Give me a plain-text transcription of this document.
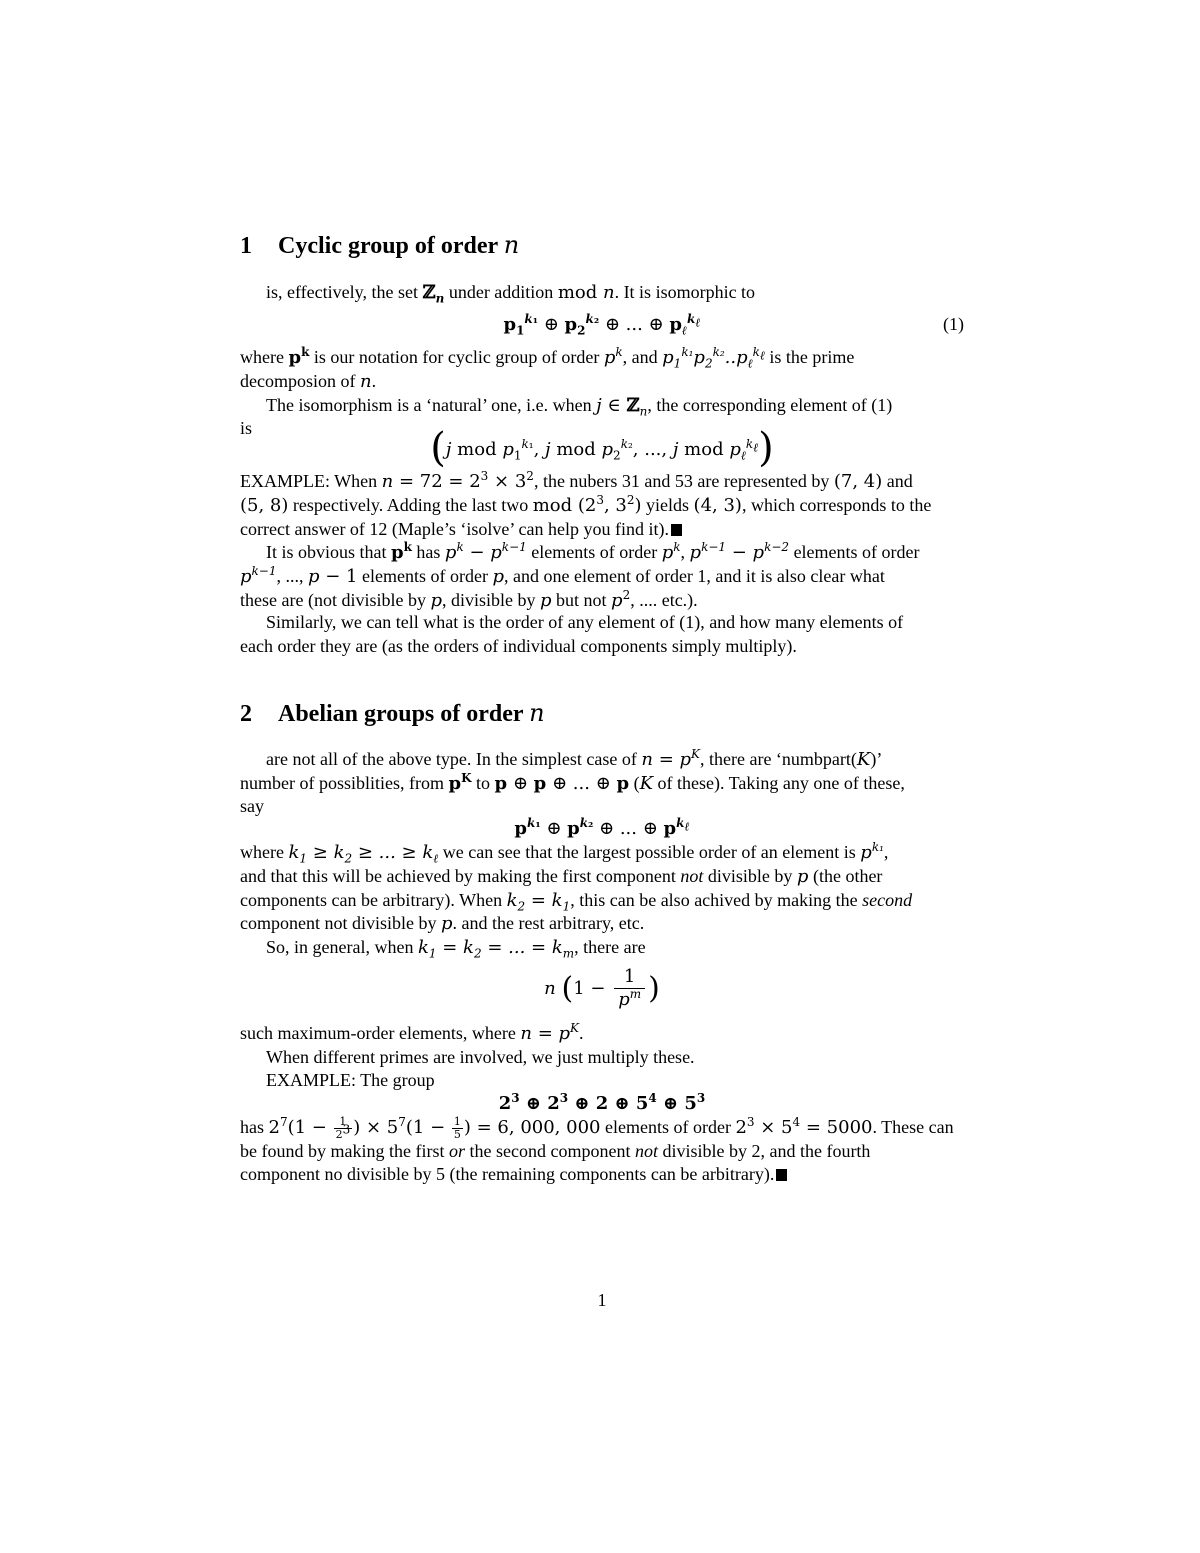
1 Cyclic group of order n
is, effectively, the set ℤ$_n$ under addition mod n. It is isomorphic to
$p_1^{k_1}$ ⊕ $p_2^{k_2}$ ⊕ ... ⊕ $p_\ell^{k_\ell}$	(1)
where $p^k$ is our notation for cyclic group of order $p^k$, and $p_1^{k_1}p_2^{k_2}..p_\ell^{k_\ell}$ is the prime
decomposion of n.
The isomorphism is a ‘natural’ one, i.e. when j ∈ ℤ$_n$, the corresponding element of (1)
is	(j mod $p_1^{k_1}$, j mod $p_2^{k_2}$, ..., j mod $p_\ell^{k_\ell}$)
EXAMPLE: When $n = 72 = 2^3 \times 3^2$, the nubers 31 and 53 are represented by (7, 4) and
(5, 8) respectively. Adding the last two mod ($2^3$, $3^2$) yields (4, 3), which corresponds to the
correct answer of 12 (Maple’s ‘isolve’ can help you find it).
It is obvious that $p^k$ has $p^k - p^{k-1}$ elements of order $p^k$, $p^{k-1} - p^{k-2}$ elements of order
$p^{k-1}$, ..., p − 1 elements of order p, and one element of order 1, and it is also clear what
these are (not divisible by p, divisible by p but not $p^2$, .... etc.).
Similarly, we can tell what is the order of any element of (1), and how many elements of
each order they are (as the orders of individual components simply multiply).
2 Abelian groups of order n
are not all of the above type. In the simplest case of $n = p^K$, there are ‘numbpart(K)’
number of possiblities, from $p^K$ to p ⊕ p ⊕ ... ⊕ p (K of these). Taking any one of these,
say
$p^{k_1}$ ⊕ $p^{k_2}$ ⊕ ... ⊕ $p^{k_\ell}$
where $k_1 \ge k_2$ ≥ ... ≥ $k_\ell$ we can see that the largest possible order of an element is $p^{k_1}$,
and that this will be achieved by making the first component not divisible by p (the other
components can be arbitrary). When $k_2 = k_1$, this can be also achived by making the second
component not divisible by p. and the rest arbitrary, etc.
So, in general, when $k_1 = k_2$ = ... = $k_m$, there are
n ($1 - \frac{1}{p^m}$ )
such maximum-order elements, where $n = p^K$.
When different primes are involved, we just multiply these.
EXAMPLE: The group
$2^3$ ⊕ $2^3$ ⊕ 2 ⊕ $5^4$ ⊕ $5^3$
has $2^7(1 - \frac{1}{2^3}$ ) × $5^7(1 - \frac{1}{5}$ ) = 6, 000, 000 elements of order $2^3 \times 5^4 = 5000$. These can
be found by making the first or the second component not divisible by 2, and the fourth
component no divisible by 5 (the remaining components can be arbitrary).
1
